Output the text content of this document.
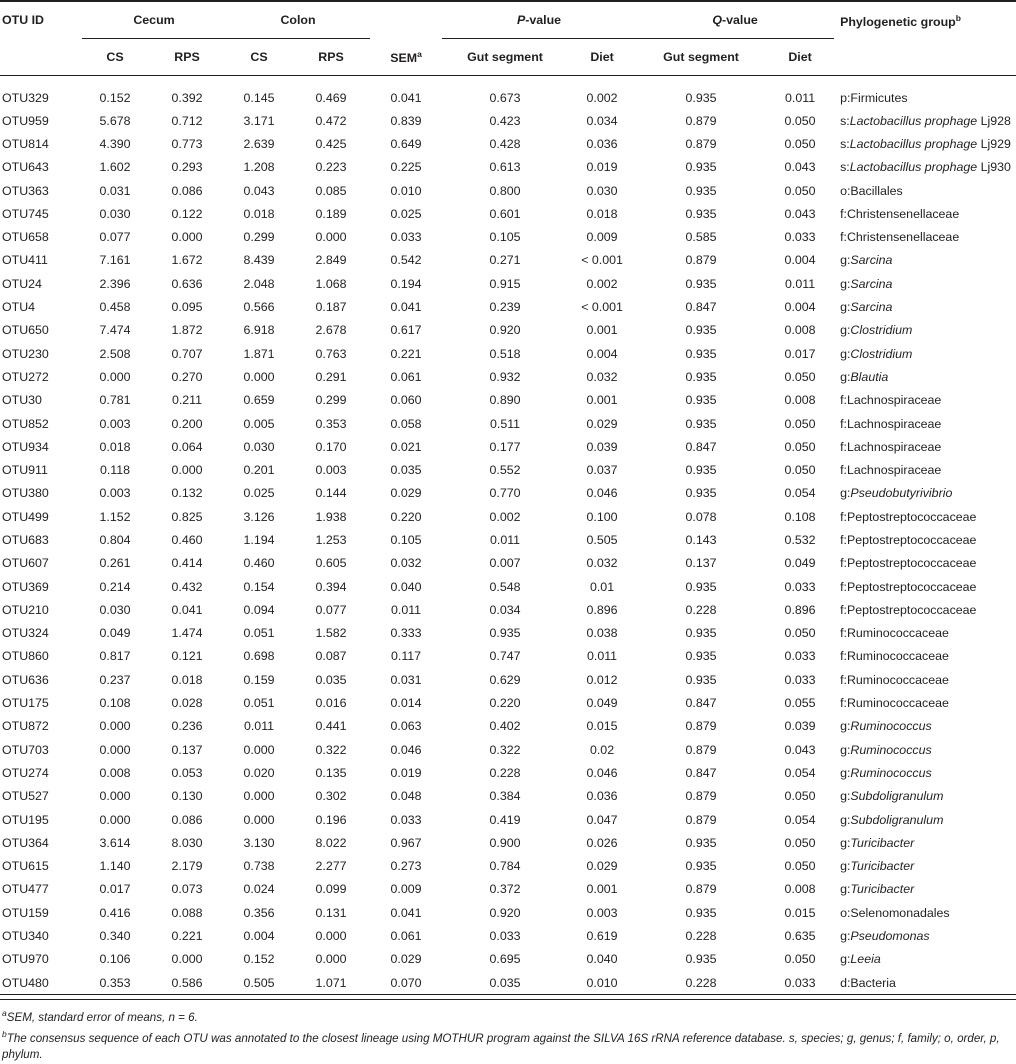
OTU ID	Cecum		Colon			P-value		Q-value		Phylogenetic group$^b$
	CS	RPS	CS	RPS	SEM$^a$	Gut segment	Diet	Gut segment	Diet	
OTU329	0.152	0.392	0.145	0.469	0.041	0.673	0.002	0.935	0.011	p:Firmicutes
OTU959	5.678	0.712	3.171	0.472	0.839	0.423	0.034	0.879	0.050	s:Lactobacillus prophage Lj928
OTU814	4.390	0.773	2.639	0.425	0.649	0.428	0.036	0.879	0.050	s:Lactobacillus prophage Lj929
OTU643	1.602	0.293	1.208	0.223	0.225	0.613	0.019	0.935	0.043	s:Lactobacillus prophage Lj930
OTU363	0.031	0.086	0.043	0.085	0.010	0.800	0.030	0.935	0.050	o:Bacillales
OTU745	0.030	0.122	0.018	0.189	0.025	0.601	0.018	0.935	0.043	f:Christensenellaceae
OTU658	0.077	0.000	0.299	0.000	0.033	0.105	0.009	0.585	0.033	f:Christensenellaceae
OTU411	7.161	1.672	8.439	2.849	0.542	0.271	< 0.001	0.879	0.004	g:Sarcina
OTU24	2.396	0.636	2.048	1.068	0.194	0.915	0.002	0.935	0.011	g:Sarcina
OTU4	0.458	0.095	0.566	0.187	0.041	0.239	< 0.001	0.847	0.004	g:Sarcina
OTU650	7.474	1.872	6.918	2.678	0.617	0.920	0.001	0.935	0.008	g:Clostridium
OTU230	2.508	0.707	1.871	0.763	0.221	0.518	0.004	0.935	0.017	g:Clostridium
OTU272	0.000	0.270	0.000	0.291	0.061	0.932	0.032	0.935	0.050	g:Blautia
OTU30	0.781	0.211	0.659	0.299	0.060	0.890	0.001	0.935	0.008	f:Lachnospiraceae
OTU852	0.003	0.200	0.005	0.353	0.058	0.511	0.029	0.935	0.050	f:Lachnospiraceae
OTU934	0.018	0.064	0.030	0.170	0.021	0.177	0.039	0.847	0.050	f:Lachnospiraceae
OTU911	0.118	0.000	0.201	0.003	0.035	0.552	0.037	0.935	0.050	f:Lachnospiraceae
OTU380	0.003	0.132	0.025	0.144	0.029	0.770	0.046	0.935	0.054	g:Pseudobutyrivibrio
OTU499	1.152	0.825	3.126	1.938	0.220	0.002	0.100	0.078	0.108	f:Peptostreptococcaceae
OTU683	0.804	0.460	1.194	1.253	0.105	0.011	0.505	0.143	0.532	f:Peptostreptococcaceae
OTU607	0.261	0.414	0.460	0.605	0.032	0.007	0.032	0.137	0.049	f:Peptostreptococcaceae
OTU369	0.214	0.432	0.154	0.394	0.040	0.548	0.01	0.935	0.033	f:Peptostreptococcaceae
OTU210	0.030	0.041	0.094	0.077	0.011	0.034	0.896	0.228	0.896	f:Peptostreptococcaceae
OTU324	0.049	1.474	0.051	1.582	0.333	0.935	0.038	0.935	0.050	f:Ruminococcaceae
OTU860	0.817	0.121	0.698	0.087	0.117	0.747	0.011	0.935	0.033	f:Ruminococcaceae
OTU636	0.237	0.018	0.159	0.035	0.031	0.629	0.012	0.935	0.033	f:Ruminococcaceae
OTU175	0.108	0.028	0.051	0.016	0.014	0.220	0.049	0.847	0.055	f:Ruminococcaceae
OTU872	0.000	0.236	0.011	0.441	0.063	0.402	0.015	0.879	0.039	g:Ruminococcus
OTU703	0.000	0.137	0.000	0.322	0.046	0.322	0.02	0.879	0.043	g:Ruminococcus
OTU274	0.008	0.053	0.020	0.135	0.019	0.228	0.046	0.847	0.054	g:Ruminococcus
OTU527	0.000	0.130	0.000	0.302	0.048	0.384	0.036	0.879	0.050	g:Subdoligranulum
OTU195	0.000	0.086	0.000	0.196	0.033	0.419	0.047	0.879	0.054	g:Subdoligranulum
OTU364	3.614	8.030	3.130	8.022	0.967	0.900	0.026	0.935	0.050	g:Turicibacter
OTU615	1.140	2.179	0.738	2.277	0.273	0.784	0.029	0.935	0.050	g:Turicibacter
OTU477	0.017	0.073	0.024	0.099	0.009	0.372	0.001	0.879	0.008	g:Turicibacter
OTU159	0.416	0.088	0.356	0.131	0.041	0.920	0.003	0.935	0.015	o:Selenomonadales
OTU340	0.340	0.221	0.004	0.000	0.061	0.033	0.619	0.228	0.635	g:Pseudomonas
OTU970	0.106	0.000	0.152	0.000	0.029	0.695	0.040	0.935	0.050	g:Leeia
OTU480	0.353	0.586	0.505	1.071	0.070	0.035	0.010	0.228	0.033	d:Bacteria

$^a$SEM, standard error of means, n = 6.

$^b$The consensus sequence of each OTU was annotated to the closest lineage using MOTHUR program against the SILVA 16S rRNA reference database. s, species; g, genus; f, family; o, order, p, phylum.
